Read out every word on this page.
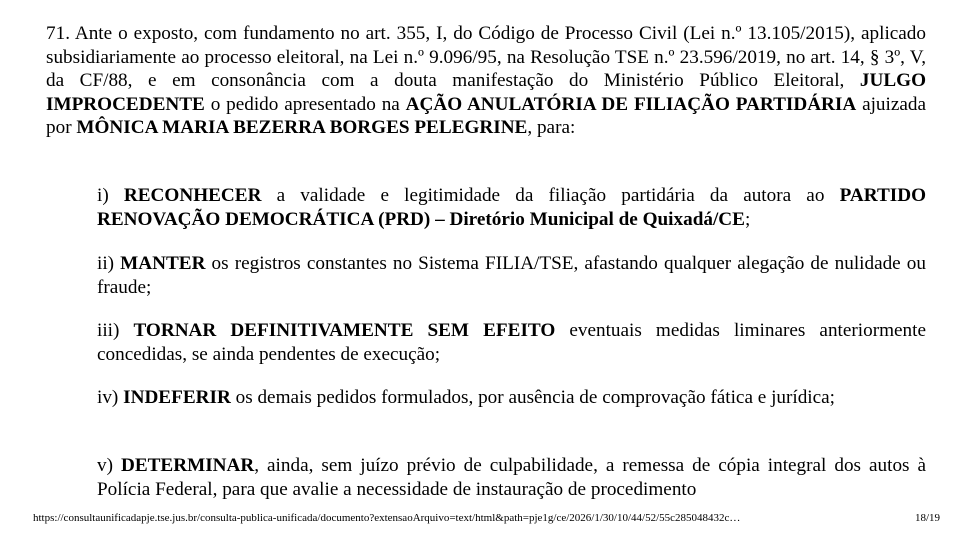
71. Ante o exposto, com fundamento no art. 355, I, do Código de Processo Civil (Lei n.º 13.105/2015), aplicado subsidiariamente ao processo eleitoral, na Lei n.º 9.096/95, na Resolução TSE n.º 23.596/2019, no art. 14, § 3º, V, da CF/88, e em consonância com a douta manifestação do Ministério Público Eleitoral, JULGO IMPROCEDENTE o pedido apresentado na AÇÃO ANULATÓRIA DE FILIAÇÃO PARTIDÁRIA ajuizada por MÔNICA MARIA BEZERRA BORGES PELEGRINE, para:

i) RECONHECER a validade e legitimidade da filiação partidária da autora ao PARTIDO RENOVAÇÃO DEMOCRÁTICA (PRD) – Diretório Municipal de Quixadá/CE;

ii) MANTER os registros constantes no Sistema FILIA/TSE, afastando qualquer alegação de nulidade ou fraude;

iii) TORNAR DEFINITIVAMENTE SEM EFEITO eventuais medidas liminares anteriormente concedidas, se ainda pendentes de execução;

iv) INDEFERIR os demais pedidos formulados, por ausência de comprovação fática e jurídica;

v) DETERMINAR, ainda, sem juízo prévio de culpabilidade, a remessa de cópia integral dos autos à Polícia Federal, para que avalie a necessidade de instauração de procedimento

https://consultaunificadapje.tse.jus.br/consulta-publica-unificada/documento?extensaoArquivo=text/html&path=pje1g/ce/2026/1/30/10/44/52/55c285048432c…	18/19
